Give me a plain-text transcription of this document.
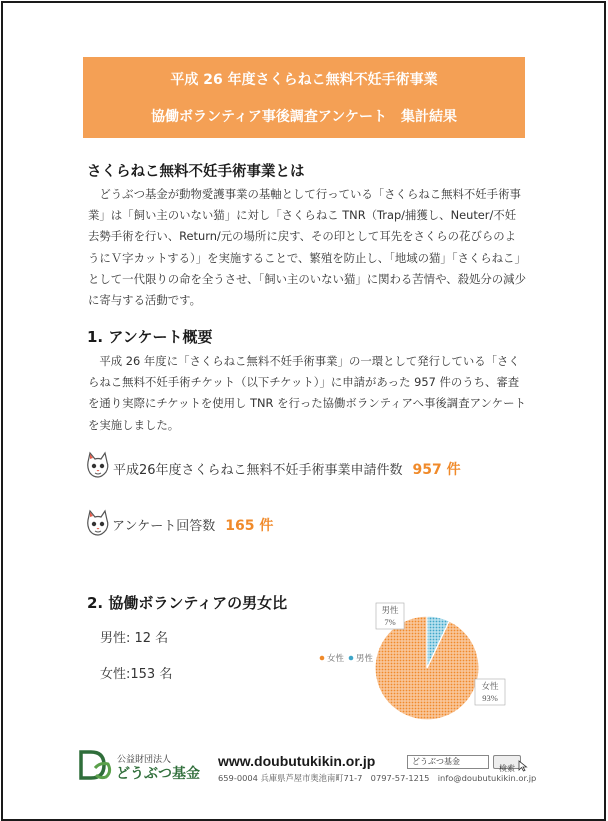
平成 26 年度さくらねこ無料不妊手術事業
協働ボランティア事後調査アンケート　集計結果
さくらねこ無料不妊手術事業とは
どうぶつ基金が動物愛護事業の基軸として行っている「さくらねこ無料不妊手術事業」は「飼い主のいない猫」に対し「さくらねこ TNR（Trap/捕獲し、Neuter/不妊去勢手術を行い、Return/元の場所に戻す、その印として耳先をさくらの花びらのようにＶ字カットする）」を実施することで、繁殖を防止し、「地域の猫」「さくらねこ」として一代限りの命を全うさせ、「飼い主のいない猫」に関わる苦情や、殺処分の減少に寄与する活動です。
1. アンケート概要
平成 26 年度に「さくらねこ無料不妊手術事業」の一環として発行している「さくらねこ無料不妊手術チケット（以下チケット）」に申請があった 957 件のうち、審査を通り実際にチケットを使用し TNR を行った協働ボランティアへ事後調査アンケートを実施しました。
平成26年度さくらねこ無料不妊手術事業申請件数 957 件
アンケート回答数 165 件
2. 協働ボランティアの男女比
男性: 12 名
女性:153 名
女性 男性
男性
7%
女性
93%
公益財団法人
どうぶつ基金
www.doubutukikin.or.jp	どうぶつ基金
検索
659-0004 兵庫県芦屋市奥池南町71-7　0797-57-1215　info@doubutukikin.or.jp
